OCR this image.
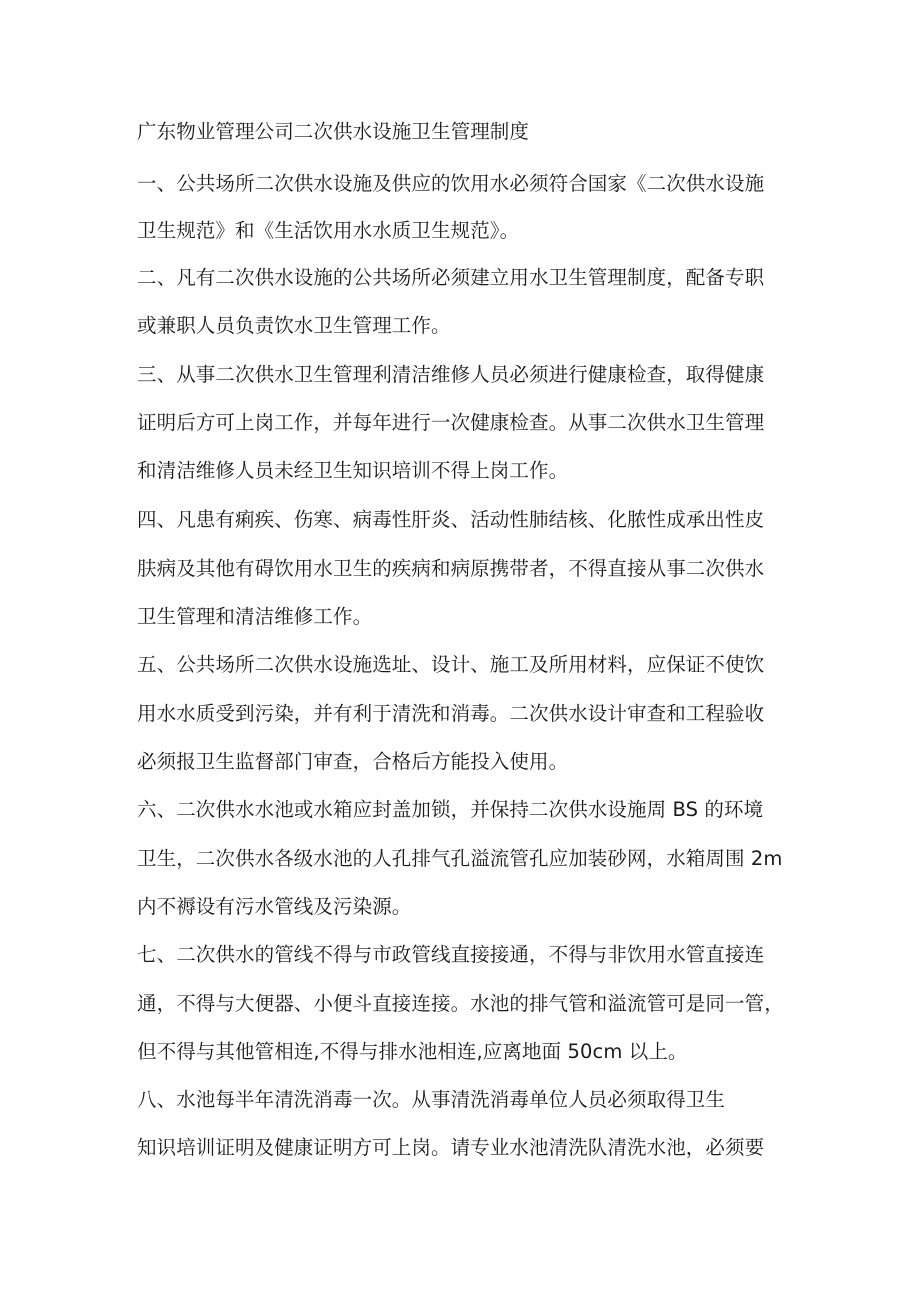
广东物业管理公司二次供水设施卫生管理制度
一、公共场所二次供水设施及供应的饮用水必须符合国家《二次供水设施
卫生规范》和《生活饮用水水质卫生规范》。
二、凡有二次供水设施的公共场所必须建立用水卫生管理制度，配备专职
或兼职人员负责饮水卫生管理工作。
三、从事二次供水卫生管理利清洁维修人员必须进行健康检查，取得健康
证明后方可上岗工作，并每年进行一次健康检查。从事二次供水卫生管理
和清洁维修人员未经卫生知识培训不得上岗工作。
四、凡患有痢疾、伤寒、病毒性肝炎、活动性肺结核、化脓性成承出性皮
肤病及其他有碍饮用水卫生的疾病和病原携带者，不得直接从事二次供水
卫生管理和清洁维修工作。
五、公共场所二次供水设施选址、设计、施工及所用材料，应保证不使饮
用水水质受到污染，并有利于清洗和消毒。二次供水设计审查和工程验收
必须报卫生监督部门审查，合格后方能投入使用。
六、二次供水水池或水箱应封盖加锁，并保持二次供水设施周 BS 的环境
卫生，二次供水各级水池的人孔排气孔溢流管孔应加装砂网，水箱周围 2m
内不褥设有污水管线及污染源。
七、二次供水的管线不得与市政管线直接接通，不得与非饮用水管直接连
通，不得与大便器、小便斗直接连接。水池的排气管和溢流管可是同一管，
但不得与其他管相连,不得与排水池相连,应离地面 50cm 以上。
八、水池每半年清洗消毒一次。从事清洗消毒单位人员必须取得卫生
知识培训证明及健康证明方可上岗。请专业水池清洗队清洗水池，必须要
